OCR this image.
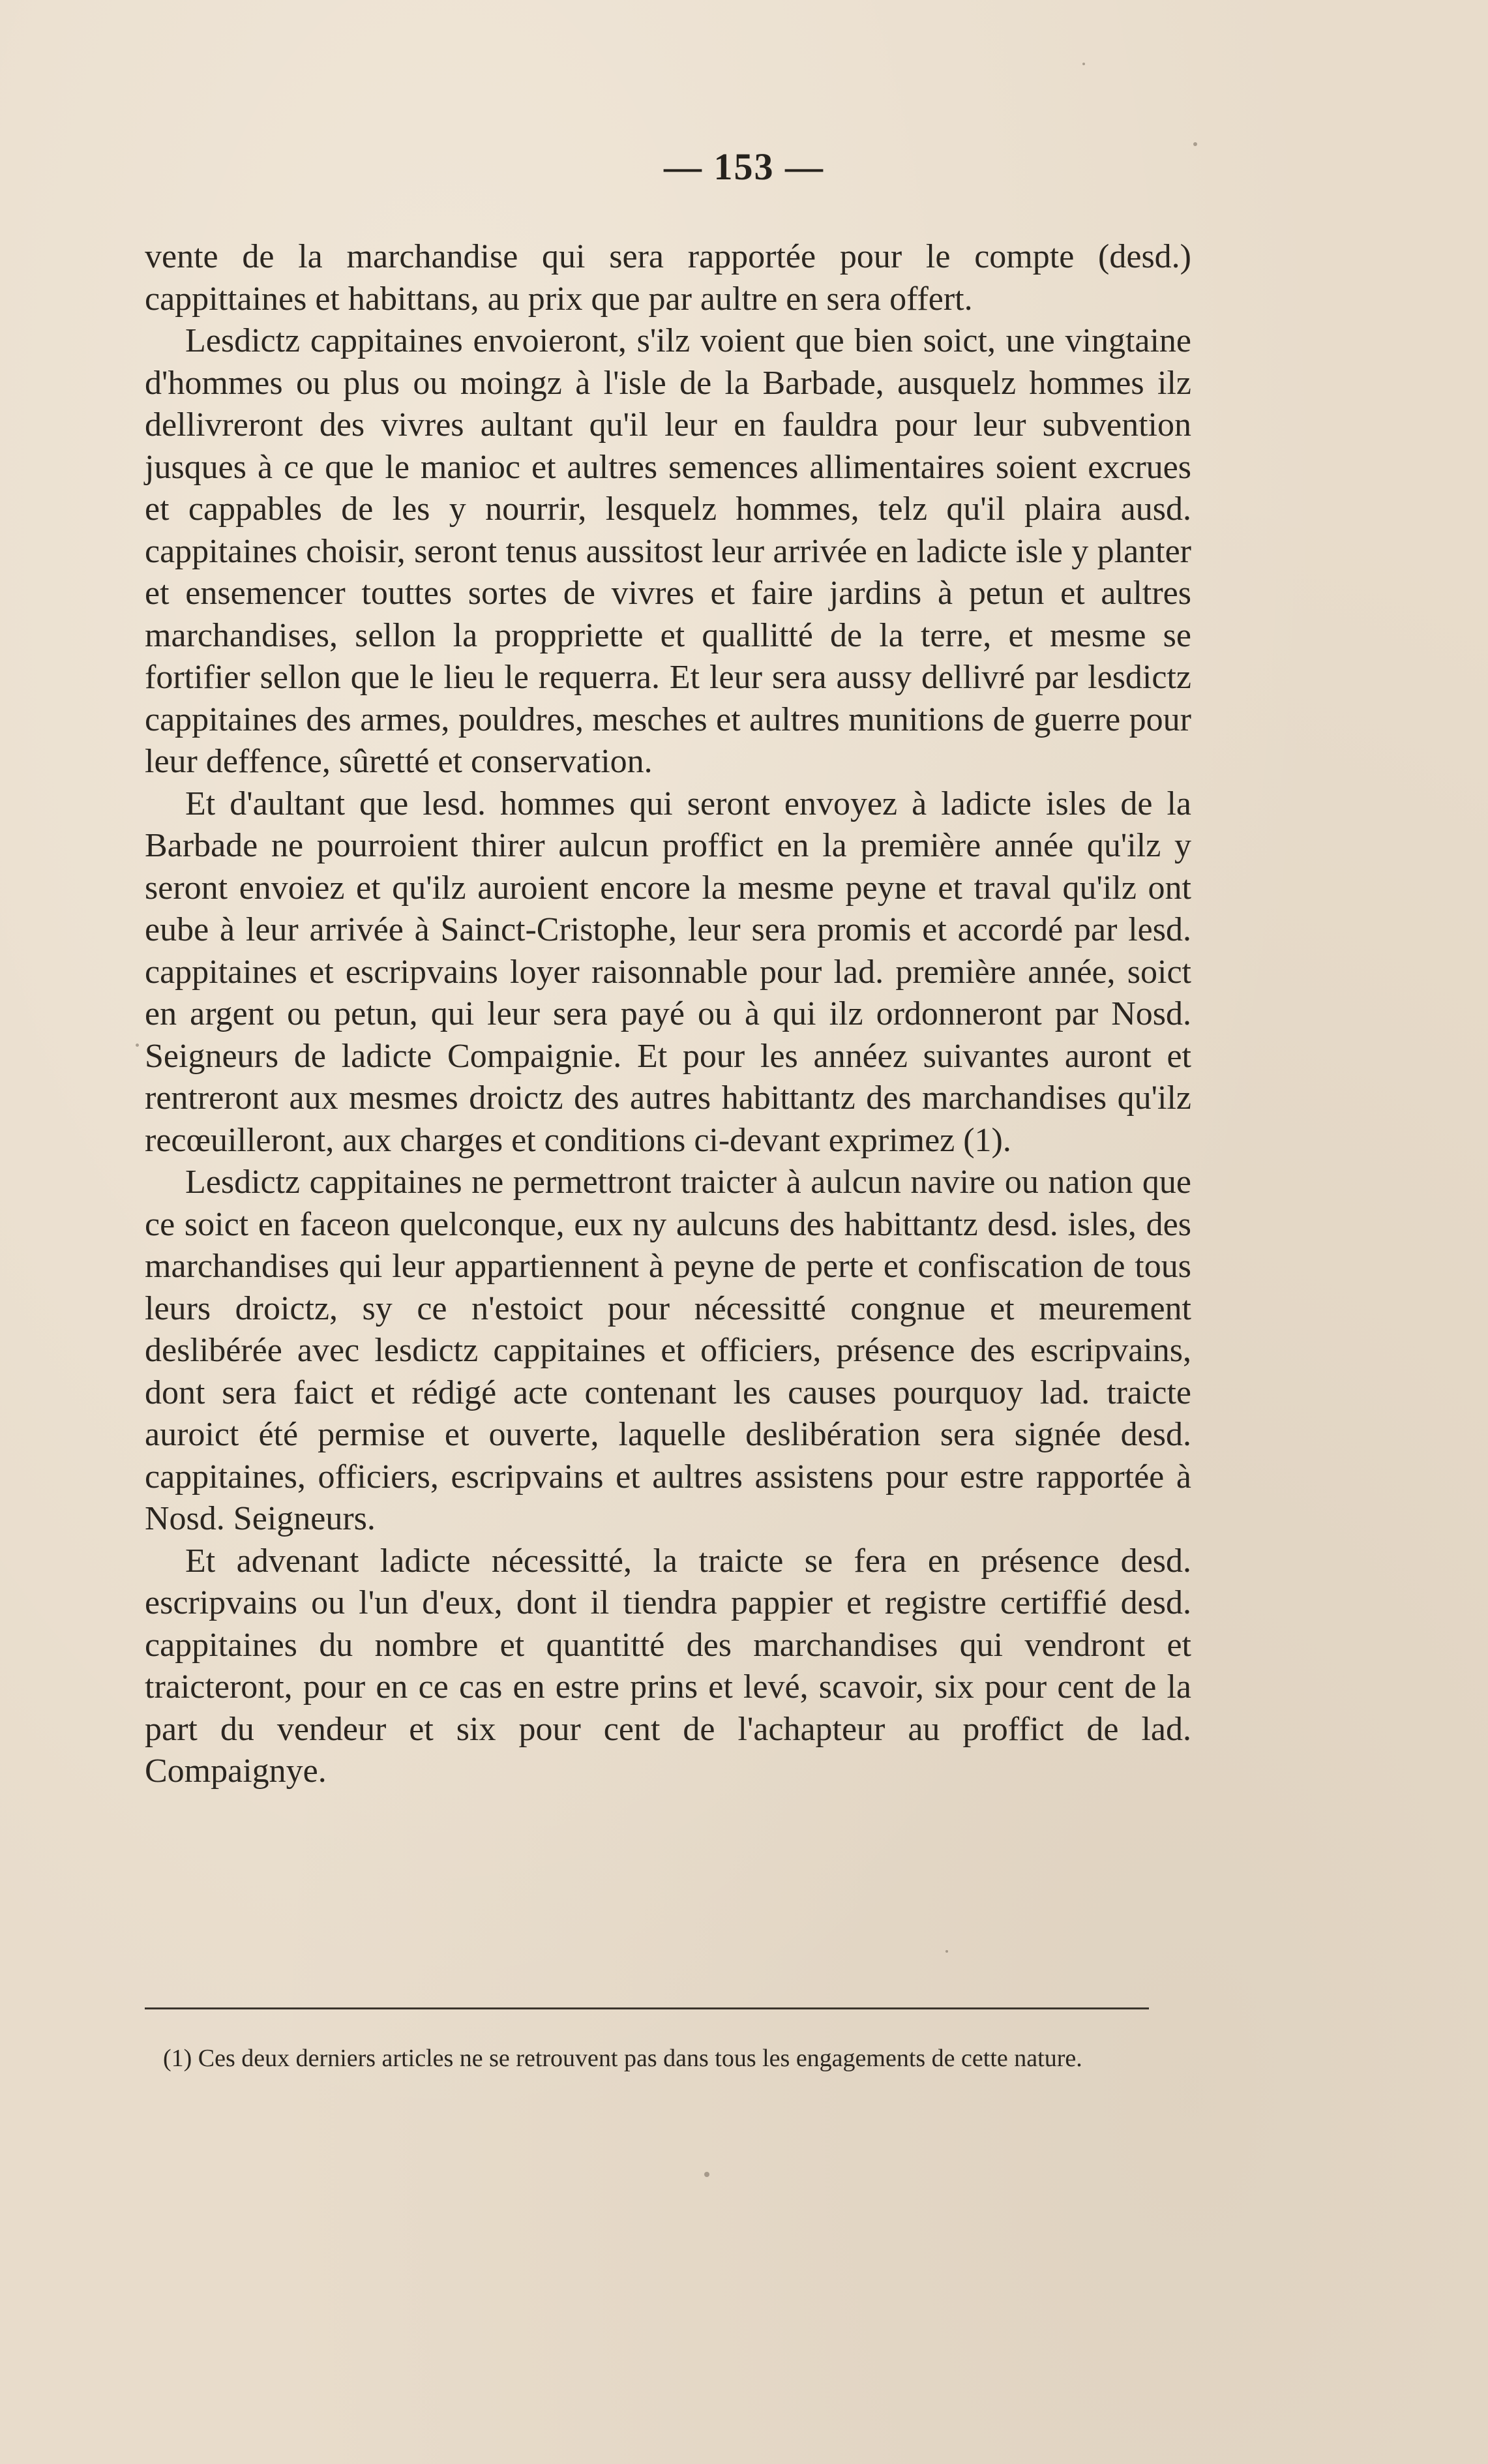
— 153 —

vente de la marchandise qui sera rapportée pour le compte (desd.) cappittaines et habittans, au prix que par aultre en sera offert.

Lesdictz cappitaines envoieront, s'ilz voient que bien soict, une vingtaine d'hommes ou plus ou moingz à l'isle de la Barbade, ausquelz hommes ilz dellivreront des vivres aultant qu'il leur en fauldra pour leur subvention jusques à ce que le manioc et aultres semences allimentaires soient excrues et cappables de les y nourrir, lesquelz hommes, telz qu'il plaira ausd. cappitaines choisir, seront tenus aussitost leur arrivée en ladicte isle y planter et ensemencer touttes sortes de vivres et faire jardins à petun et aultres marchandises, sellon la proppriette et quallitté de la terre, et mesme se fortifier sellon que le lieu le requerra. Et leur sera aussy dellivré par lesdictz cappitaines des armes, pouldres, mesches et aultres munitions de guerre pour leur deffence, sûretté et conservation.

Et d'aultant que lesd. hommes qui seront envoyez à ladicte isles de la Barbade ne pourroient thirer aulcun proffict en la première année qu'ilz y seront envoiez et qu'ilz auroient encore la mesme peyne et traval qu'ilz ont eube à leur arrivée à Sainct-Cristophe, leur sera promis et accordé par lesd. cappitaines et escripvains loyer raisonnable pour lad. première année, soict en argent ou petun, qui leur sera payé ou à qui ilz ordonneront par Nosd. Seigneurs de ladicte Compaignie. Et pour les annéez suivantes auront et rentreront aux mesmes droictz des autres habittantz des marchandises qu'ilz recœuilleront, aux charges et conditions ci-devant exprimez (1).

Lesdictz cappitaines ne permettront traicter à aulcun navire ou nation que ce soict en faceon quelconque, eux ny aulcuns des habittantz desd. isles, des marchandises qui leur appartiennent à peyne de perte et confiscation de tous leurs droictz, sy ce n'estoict pour nécessitté congnue et meurement deslibérée avec lesdictz cappitaines et officiers, présence des escripvains, dont sera faict et rédigé acte contenant les causes pourquoy lad. traicte auroict été permise et ouverte, laquelle deslibération sera signée desd. cappitaines, officiers, escripvains et aultres assistens pour estre rapportée à Nosd. Seigneurs.

Et advenant ladicte nécessitté, la traicte se fera en présence desd. escripvains ou l'un d'eux, dont il tiendra pappier et registre certiffié desd. cappitaines du nombre et quantitté des marchandises qui vendront et traicteront, pour en ce cas en estre prins et levé, scavoir, six pour cent de la part du vendeur et six pour cent de l'achapteur au proffict de lad. Compaignye.

(1) Ces deux derniers articles ne se retrouvent pas dans tous les engagements de cette nature.
